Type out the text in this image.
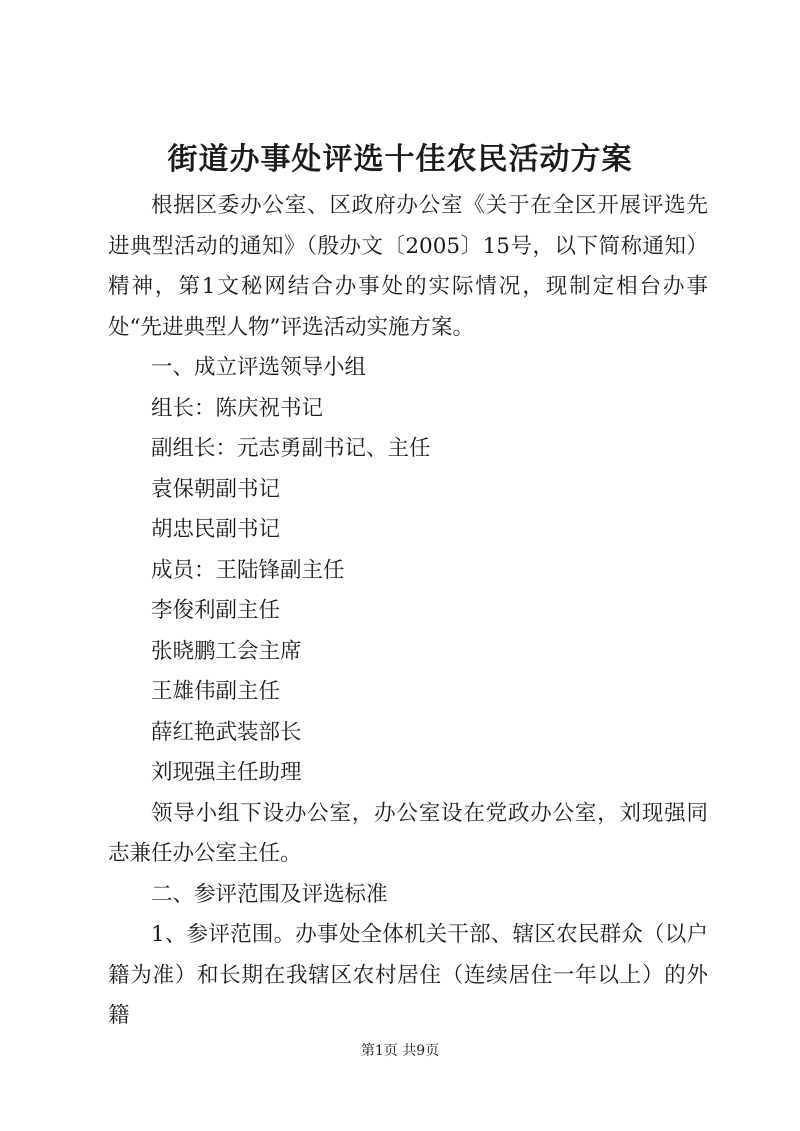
街道办事处评选十佳农民活动方案

根据区委办公室、区政府办公室《关于在全区开展评选先进典型活动的通知》（殷办文〔2005〕15号，以下简称通知）精神，第1文秘网结合办事处的实际情况，现制定相台办事处“先进典型人物”评选活动实施方案。

一、成立评选领导小组

组长：陈庆祝书记

副组长：元志勇副书记、主任

袁保朝副书记

胡忠民副书记

成员：王陆锋副主任

李俊利副主任

张晓鹏工会主席

王雄伟副主任

薛红艳武装部长

刘现强主任助理

领导小组下设办公室，办公室设在党政办公室，刘现强同志兼任办公室主任。

二、参评范围及评选标准

1、参评范围。办事处全体机关干部、辖区农民群众（以户籍为准）和长期在我辖区农村居住（连续居住一年以上）的外籍

第1页 共9页
